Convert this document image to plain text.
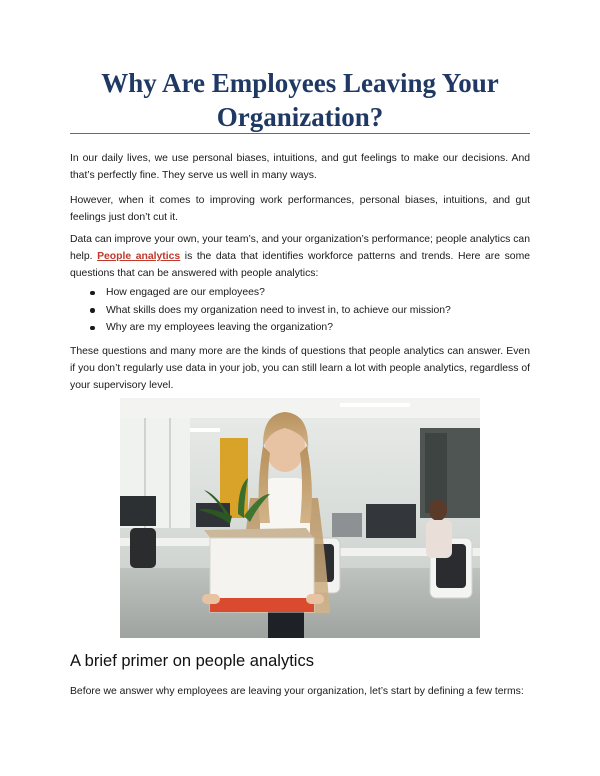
Why Are Employees Leaving Your Organization?

In our daily lives, we use personal biases, intuitions, and gut feelings to make our decisions. And that’s perfectly fine. They serve us well in many ways.

However, when it comes to improving work performances, personal biases, intuitions, and gut feelings just don’t cut it.

Data can improve your own, your team’s, and your organization’s performance; people analytics can help. People analytics is the data that identifies workforce patterns and trends. Here are some questions that can be answered with people analytics:

How engaged are our employees?
What skills does my organization need to invest in, to achieve our mission?
Why are my employees leaving the organization?

These questions and many more are the kinds of questions that people analytics can answer. Even if you don’t regularly use data in your job, you can still learn a lot with people analytics, regardless of your supervisory level.

A brief primer on people analytics

Before we answer why employees are leaving your organization, let’s start by defining a few terms:
